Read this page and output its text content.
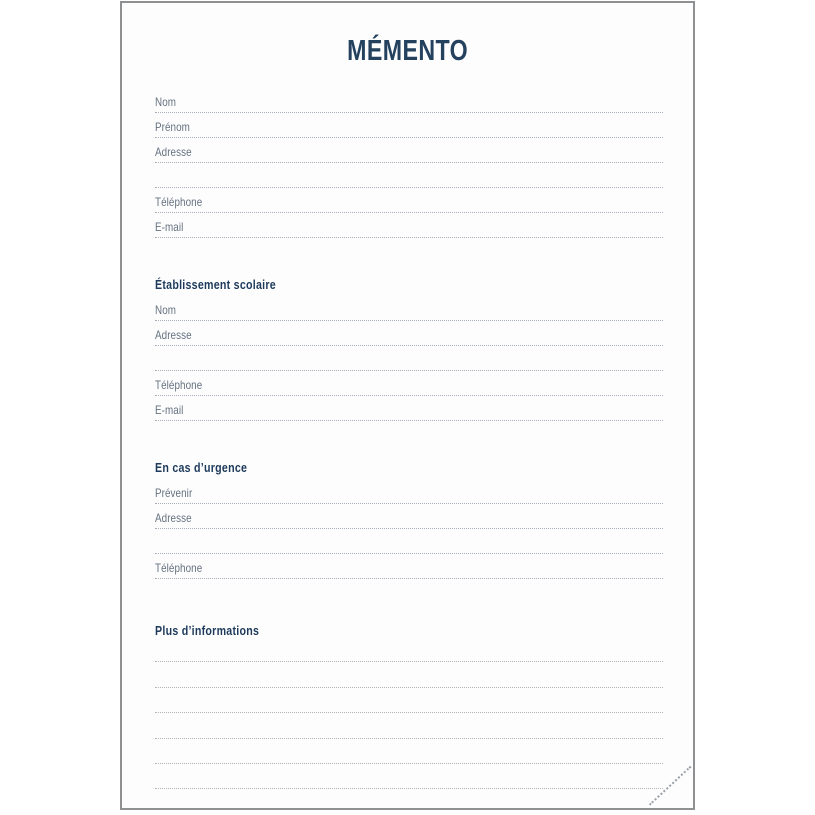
MÉMENTO
Nom
Prénom
Adresse
Téléphone
E-mail
Établissement scolaire
Nom
Adresse
Téléphone
E-mail
En cas d’urgence
Prévenir
Adresse
Téléphone
Plus d’informations
